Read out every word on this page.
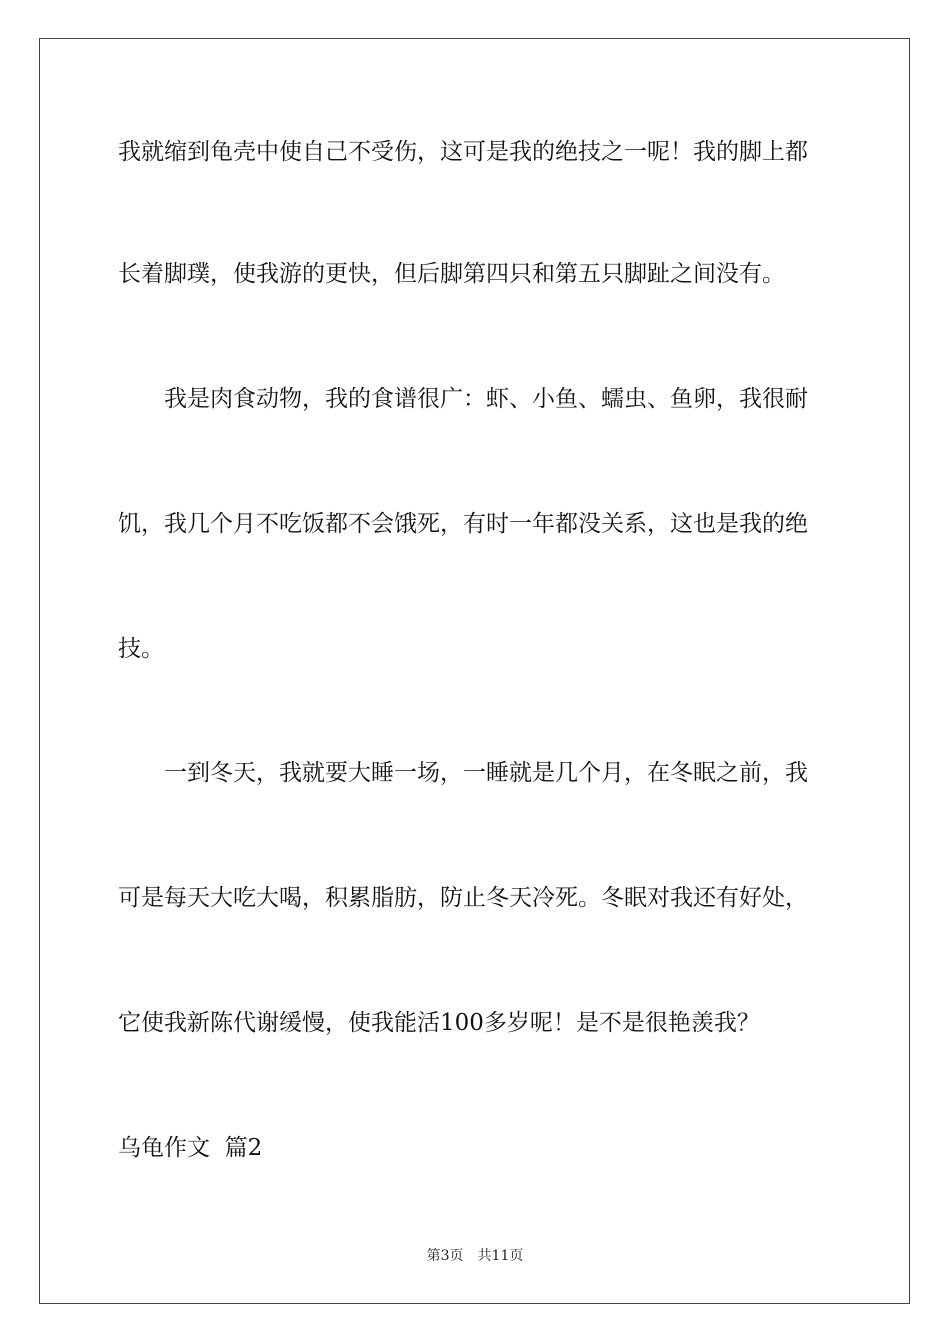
我就缩到龟壳中使自己不受伤，这可是我的绝技之一呢！我的脚上都
长着脚璞，使我游的更快，但后脚第四只和第五只脚趾之间没有。
我是肉食动物，我的食谱很广：虾、小鱼、蠕虫、鱼卵，我很耐
饥，我几个月不吃饭都不会饿死，有时一年都没关系，这也是我的绝
技。
一到冬天，我就要大睡一场，一睡就是几个月，在冬眠之前，我
可是每天大吃大喝，积累脂肪，防止冬天冷死。冬眠对我还有好处，
它使我新陈代谢缓慢，使我能活100多岁呢！是不是很艳羡我？
乌龟作文  篇2
第3页 共11页
